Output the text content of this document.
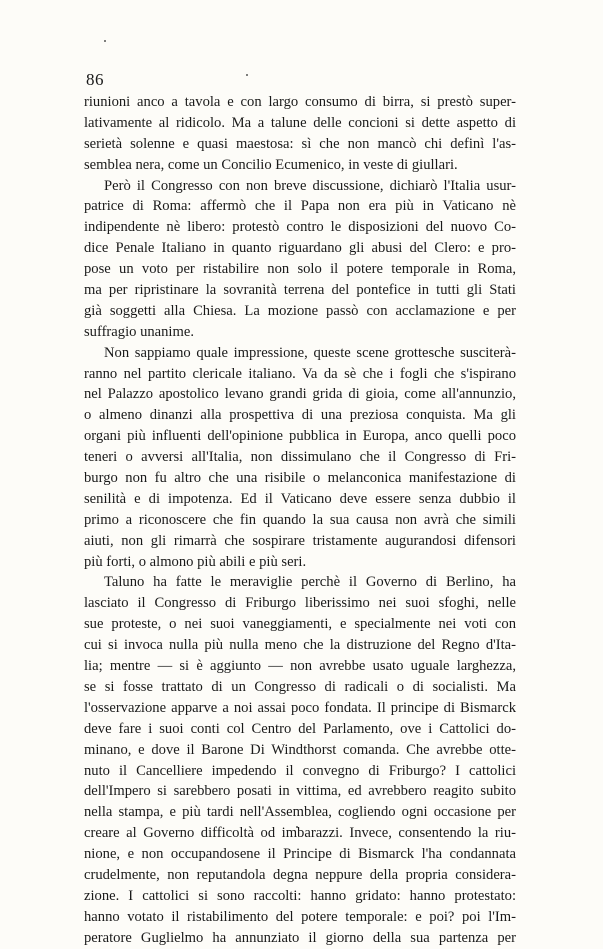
86
riunioni anco a tavola e con largo consumo di birra, si prestò super-
lativamente al ridicolo. Ma a talune delle concioni si dette aspetto di
serietà solenne e quasi maestosa: sì che non mancò chi definì l'as-
semblea nera, come un Concilio Ecumenico, in veste di giullari.
Però il Congresso con non breve discussione, dichiarò l'Italia usur-
patrice di Roma: affermò che il Papa non era più in Vaticano nè
indipendente nè libero: protestò contro le disposizioni del nuovo Co-
dice Penale Italiano in quanto riguardano gli abusi del Clero: e pro-
pose un voto per ristabilire non solo il potere temporale in Roma,
ma per ripristinare la sovranità terrena del pontefice in tutti gli Stati
già soggetti alla Chiesa. La mozione passò con acclamazione e per
suffragio unanime.
Non sappiamo quale impressione, queste scene grottesche susciterà-
ranno nel partito clericale italiano. Va da sè che i fogli che s'ispirano
nel Palazzo apostolico levano grandi grida di gioia, come all'annunzio,
o almeno dinanzi alla prospettiva di una preziosa conquista. Ma gli
organi più influenti dell'opinione pubblica in Europa, anco quelli poco
teneri o avversi all'Italia, non dissimulano che il Congresso di Fri-
burgo non fu altro che una risibile o melanconica manifestazione di
senilità e di impotenza. Ed il Vaticano deve essere senza dubbio il
primo a riconoscere che fin quando la sua causa non avrà che simili
aiuti, non gli rimarrà che sospirare tristamente augurandosi difensori
più forti, o almono più abili e più seri.
Taluno ha fatte le meraviglie perchè il Governo di Berlino, ha
lasciato il Congresso di Friburgo liberissimo nei suoi sfoghi, nelle
sue proteste, o nei suoi vaneggiamenti, e specialmente nei voti con
cui si invoca nulla più nulla meno che la distruzione del Regno d'Ita-
lia; mentre — si è aggiunto — non avrebbe usato uguale larghezza,
se si fosse trattato di un Congresso di radicali o di socialisti. Ma
l'osservazione apparve a noi assai poco fondata. Il principe di Bismarck
deve fare i suoi conti col Centro del Parlamento, ove i Cattolici do-
minano, e dove il Barone Di Windthorst comanda. Che avrebbe otte-
nuto il Cancelliere impedendo il convegno di Friburgo? I cattolici
dell'Impero si sarebbero posati in vittima, ed avrebbero reagito subito
nella stampa, e più tardi nell'Assemblea, cogliendo ogni occasione per
creare al Governo difficoltà od imbarazzi. Invece, consentendo la riu-
nione, e non occupandosene il Principe di Bismarck l'ha condannata
crudelmente, non reputandola degna neppure della propria considera-
zione. I cattolici si sono raccolti: hanno gridato: hanno protestato:
hanno votato il ristabilimento del potere temporale: e poi? poi l'Im-
peratore Guglielmo ha annunziato il giorno della sua partenza per
